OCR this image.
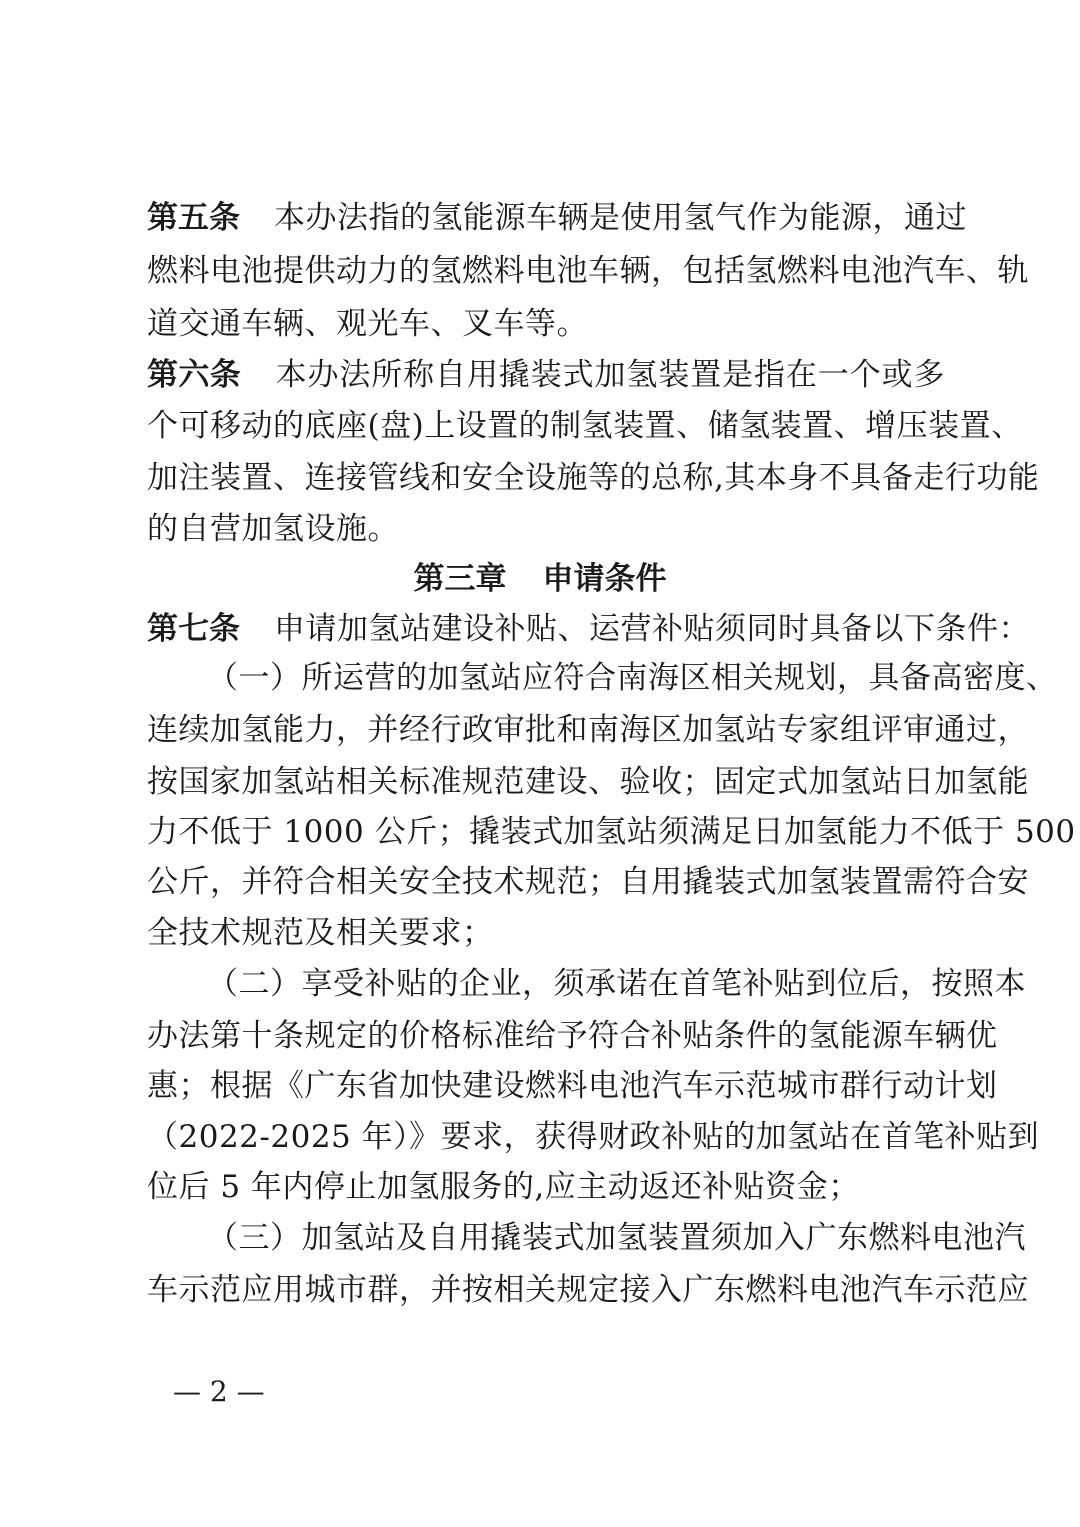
第五条 本办法指的氢能源车辆是使用氢气作为能源，通过
燃料电池提供动力的氢燃料电池车辆，包括氢燃料电池汽车、轨
道交通车辆、观光车、叉车等。
第六条 本办法所称自用撬装式加氢装置是指在一个或多
个可移动的底座(盘)上设置的制氢装置、储氢装置、增压装置、
加注装置、连接管线和安全设施等的总称,其本身不具备走行功能
的自营加氢设施。
第三章 申请条件
第七条 申请加氢站建设补贴、运营补贴须同时具备以下条件：
（一）所运营的加氢站应符合南海区相关规划，具备高密度、
连续加氢能力，并经行政审批和南海区加氢站专家组评审通过，
按国家加氢站相关标准规范建设、验收；固定式加氢站日加氢能
力不低于 1000 公斤；撬装式加氢站须满足日加氢能力不低于 500
公斤，并符合相关安全技术规范；自用撬装式加氢装置需符合安
全技术规范及相关要求；
（二）享受补贴的企业，须承诺在首笔补贴到位后，按照本
办法第十条规定的价格标准给予符合补贴条件的氢能源车辆优
惠；根据《广东省加快建设燃料电池汽车示范城市群行动计划
（2022-2025 年）》要求，获得财政补贴的加氢站在首笔补贴到
位后 5 年内停止加氢服务的,应主动返还补贴资金；
（三）加氢站及自用撬装式加氢装置须加入广东燃料电池汽
车示范应用城市群，并按相关规定接入广东燃料电池汽车示范应
— 2 —
